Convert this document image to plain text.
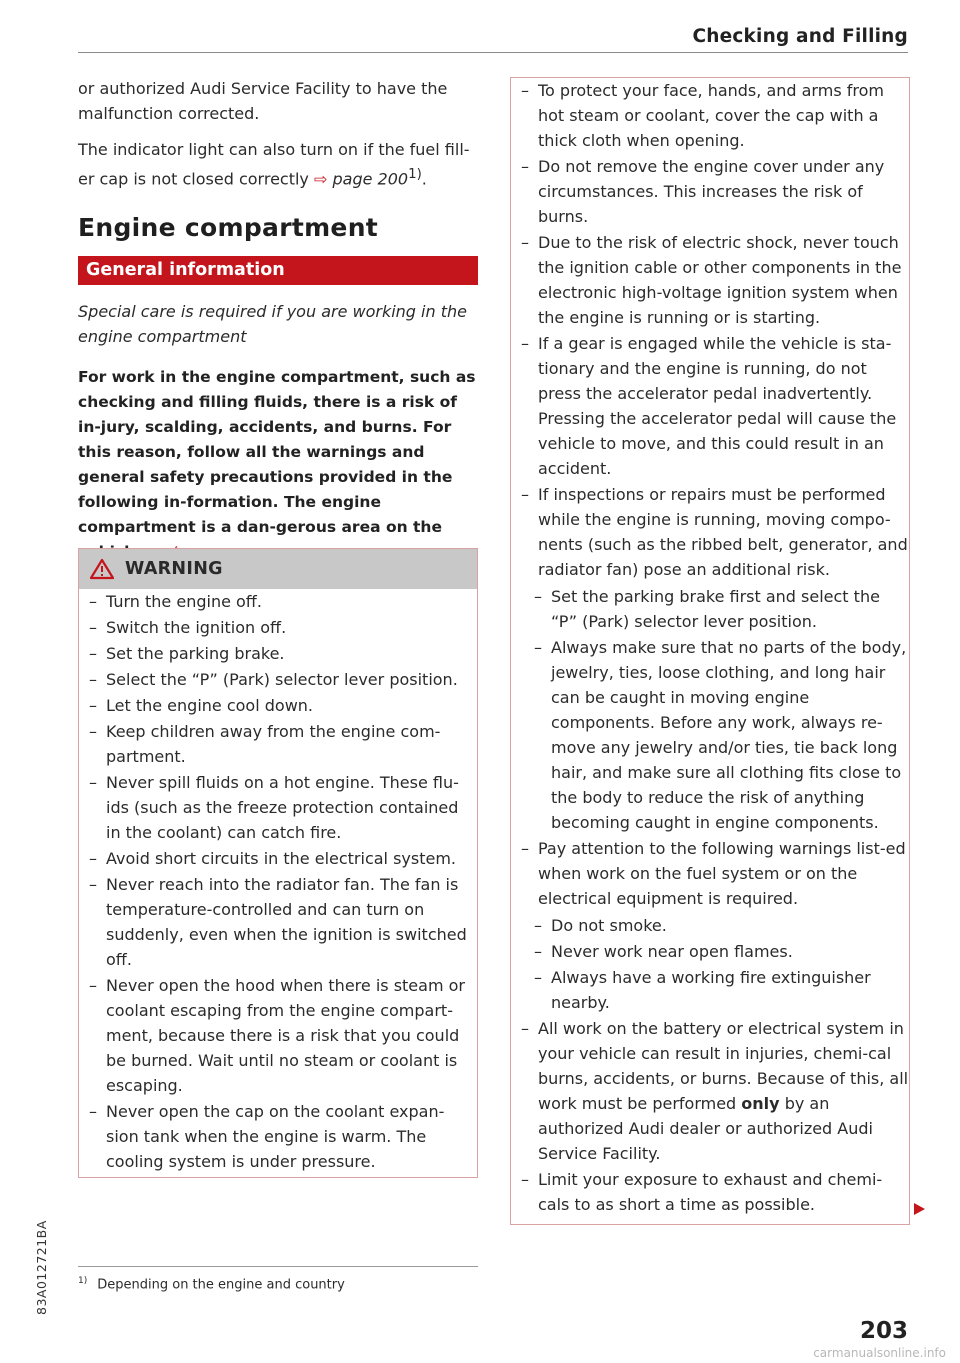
Checking and Filling

or authorized Audi Service Facility to have the malfunction corrected.

The indicator light can also turn on if the fuel fill-er cap is not closed correctly ⇨ page 200$^{1)}$.

Engine compartment
General information

Special care is required if you are working in the engine compartment

For work in the engine compartment, such as checking and filling fluids, there is a risk of in-jury, scalding, accidents, and burns. For this reason, follow all the warnings and general safety precautions provided in the following in-formation. The engine compartment is a dan-gerous area on the

WARNING
– Turn the engine off.
– Switch the ignition off.
– Set the parking brake.
– Select the “P” (Park) selector lever position.
– Let the engine cool down.
– Keep children away from the engine com-partment.
– Never spill fluids on a hot engine. These flu-ids (such as the freeze protection contained in the coolant) can catch fire.
– Avoid short circuits in the electrical system.
– Never reach into the radiator fan. The fan is temperature-controlled and can turn on suddenly, even when the ignition is switched off.
– Never open the hood when there is steam or coolant escaping from the engine compart-ment, because there is a risk that you could be burned. Wait until no steam or coolant is escaping.
– Never open the cap on the coolant expan-sion tank when the engine is warm. The cooling system is under pressure.
– To protect your face, hands, and arms from hot steam or coolant, cover the cap with a thick cloth when opening.
– Do not remove the engine cover under any circumstances. This increases the risk of burns.
– Due to the risk of electric shock, never touch the ignition cable or other components in the electronic high-voltage ignition system when the engine is running or is starting.
– If a gear is engaged while the vehicle is sta-tionary and the engine is running, do not press the accelerator pedal inadvertently. Pressing the accelerator pedal will cause the vehicle to move, and this could result in an accident.
– If inspections or repairs must be performed while the engine is running, moving compo-nents (such as the ribbed belt, generator, and radiator fan) pose an additional risk.
– Set the parking brake first and select the “P” (Park) selector lever position.
– Always make sure that no parts of the body, jewelry, ties, loose clothing, and long hair can be caught in moving engine components. Before any work, always re-move any jewelry and/or ties, tie back long hair, and make sure all clothing fits close to the body to reduce the risk of anything becoming caught in engine components.
– Pay attention to the following warnings list-ed when work on the fuel system or on the electrical equipment is required.
– Do not smoke.
– Never work near open flames.
– Always have a working fire extinguisher nearby.
– All work on the battery or electrical system in your vehicle can result in injuries, chemi-cal burns, accidents, or burns. Because of this, all work must be performed only by an authorized Audi dealer or authorized Audi Service Facility.
– Limit your exposure to exhaust and chemi-cals to as short a time as possible.
$^{1)}$ Depending on the engine and country
83A012721BA
203
carmanualsonline.info
